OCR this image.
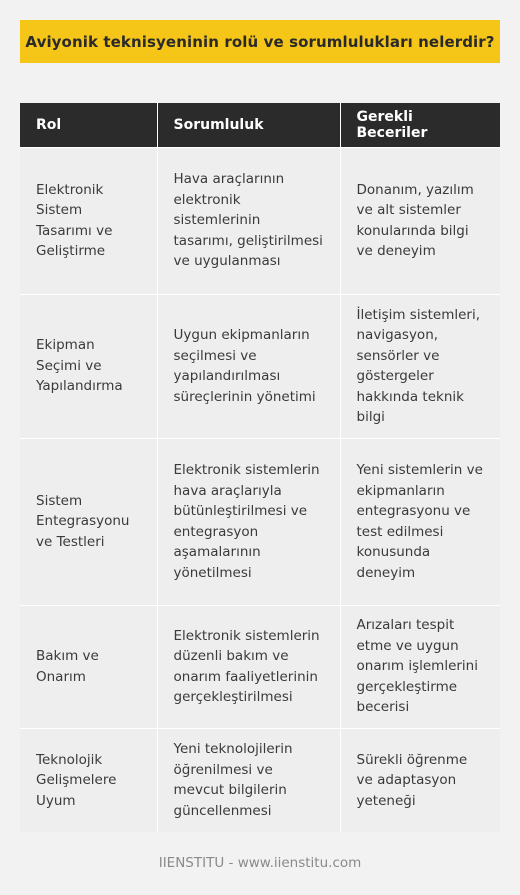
Aviyonik teknisyeninin rolü ve sorumlulukları nelerdir?
Rol	Sorumluluk	Gerekli Beceriler
Elektronik Sistem Tasarımı ve Geliştirme	Hava araçlarının elektronik sistemlerinin tasarımı, geliştirilmesi ve uygulanması	Donanım, yazılım ve alt sistemler konularında bilgi ve deneyim
Ekipman Seçimi ve Yapılandırma	Uygun ekipmanların seçilmesi ve yapılandırılması süreçlerinin yönetimi	İletişim sistemleri, navigasyon, sensörler ve göstergeler hakkında teknik bilgi
Sistem Entegrasyonu ve Testleri	Elektronik sistemlerin hava araçlarıyla bütünleştirilmesi ve entegrasyon aşamalarının yönetilmesi	Yeni sistemlerin ve ekipmanların entegrasyonu ve test edilmesi konusunda deneyim
Bakım ve Onarım	Elektronik sistemlerin düzenli bakım ve onarım faaliyetlerinin gerçekleştirilmesi	Arızaları tespit etme ve uygun onarım işlemlerini gerçekleştirme becerisi
Teknolojik Gelişmelere Uyum	Yeni teknolojilerin öğrenilmesi ve mevcut bilgilerin güncellenmesi	Sürekli öğrenme ve adaptasyon yeteneği
IIENSTITU - www.iienstitu.com
